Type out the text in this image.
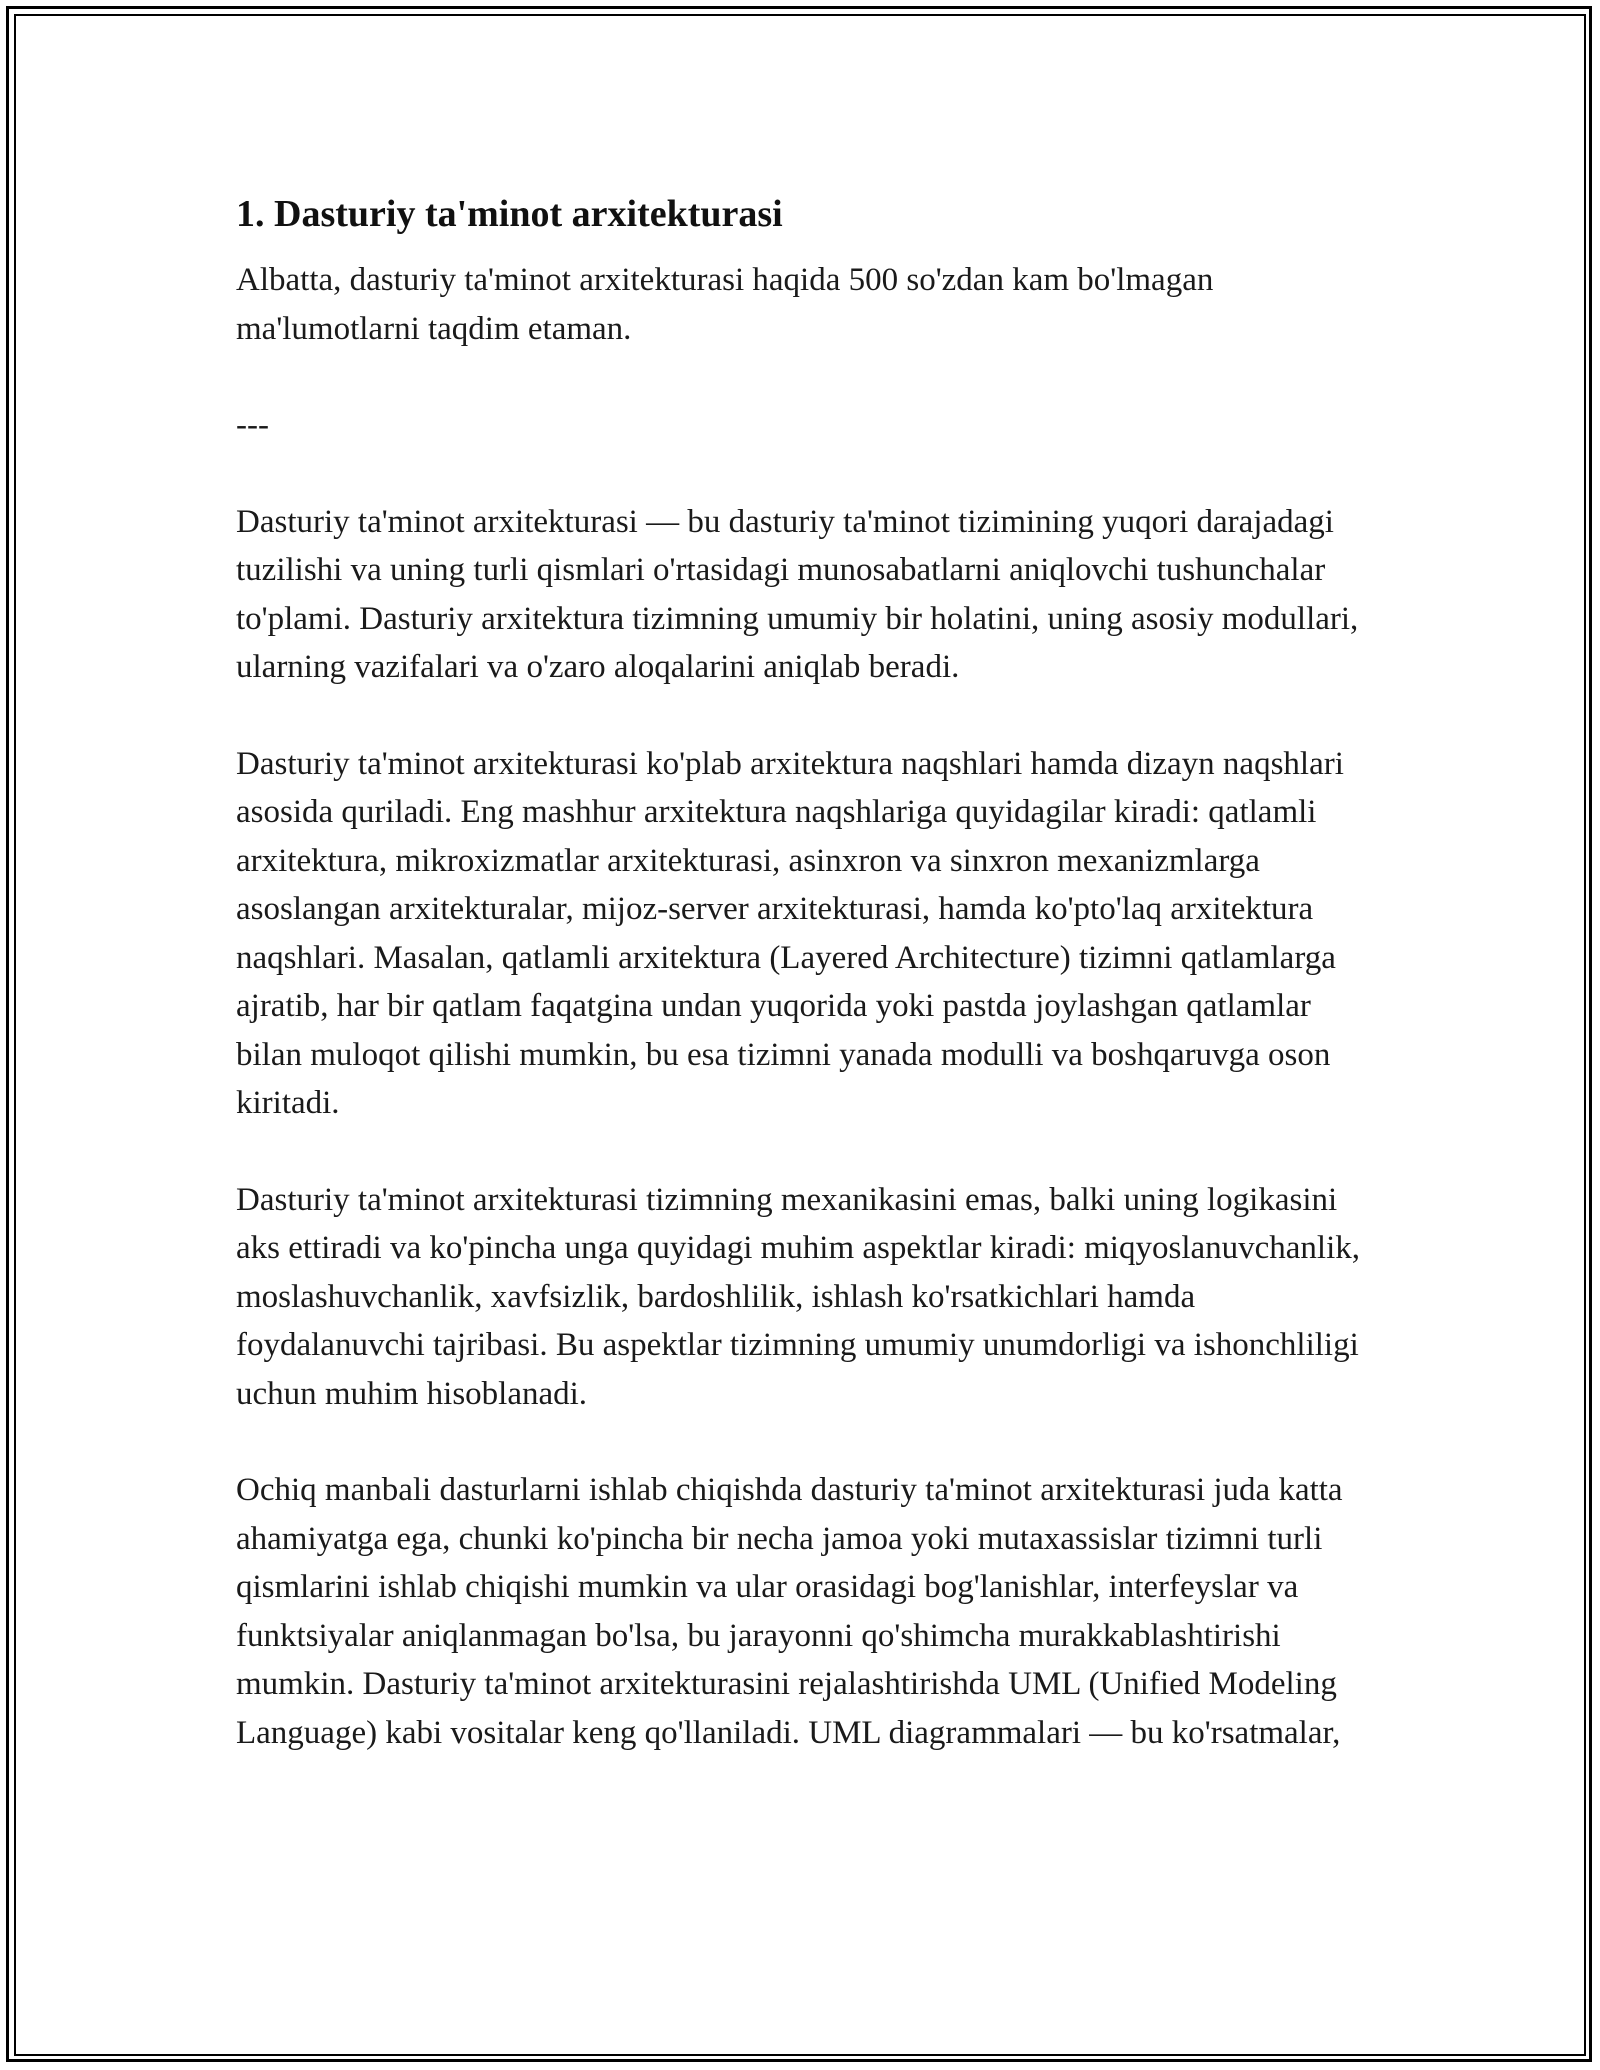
1. Dasturiy ta'minot arxitekturasi

Albatta, dasturiy ta'minot arxitekturasi haqida 500 so'zdan kam bo'lmagan ma'lumotlarni taqdim etaman.

---

Dasturiy ta'minot arxitekturasi — bu dasturiy ta'minot tizimining yuqori darajadagi tuzilishi va uning turli qismlari o'rtasidagi munosabatlarni aniqlovchi tushunchalar to'plami. Dasturiy arxitektura tizimning umumiy bir holatini, uning asosiy modullari, ularning vazifalari va o'zaro aloqalarini aniqlab beradi.

Dasturiy ta'minot arxitekturasi ko'plab arxitektura naqshlari hamda dizayn naqshlari asosida quriladi. Eng mashhur arxitektura naqshlariga quyidagilar kiradi: qatlamli arxitektura, mikroxizmatlar arxitekturasi, asinxron va sinxron mexanizmlarga asoslangan arxitekturalar, mijoz-server arxitekturasi, hamda ko'pto'laq arxitektura naqshlari. Masalan, qatlamli arxitektura (Layered Architecture) tizimni qatlamlarga ajratib, har bir qatlam faqatgina undan yuqorida yoki pastda joylashgan qatlamlar bilan muloqot qilishi mumkin, bu esa tizimni yanada modulli va boshqaruvga oson kiritadi.

Dasturiy ta'minot arxitekturasi tizimning mexanikasini emas, balki uning logikasini aks ettiradi va ko'pincha unga quyidagi muhim aspektlar kiradi: miqyoslanuvchanlik, moslashuvchanlik, xavfsizlik, bardoshlilik, ishlash ko'rsatkichlari hamda foydalanuvchi tajribasi. Bu aspektlar tizimning umumiy unumdorligi va ishonchliligi uchun muhim hisoblanadi.

Ochiq manbali dasturlarni ishlab chiqishda dasturiy ta'minot arxitekturasi juda katta ahamiyatga ega, chunki ko'pincha bir necha jamoa yoki mutaxassislar tizimni turli qismlarini ishlab chiqishi mumkin va ular orasidagi bog'lanishlar, interfeyslar va funktsiyalar aniqlanmagan bo'lsa, bu jarayonni qo'shimcha murakkablashtirishi mumkin. Dasturiy ta'minot arxitekturasini rejalashtirishda UML (Unified Modeling Language) kabi vositalar keng qo'llaniladi. UML diagrammalari — bu ko'rsatmalar,
